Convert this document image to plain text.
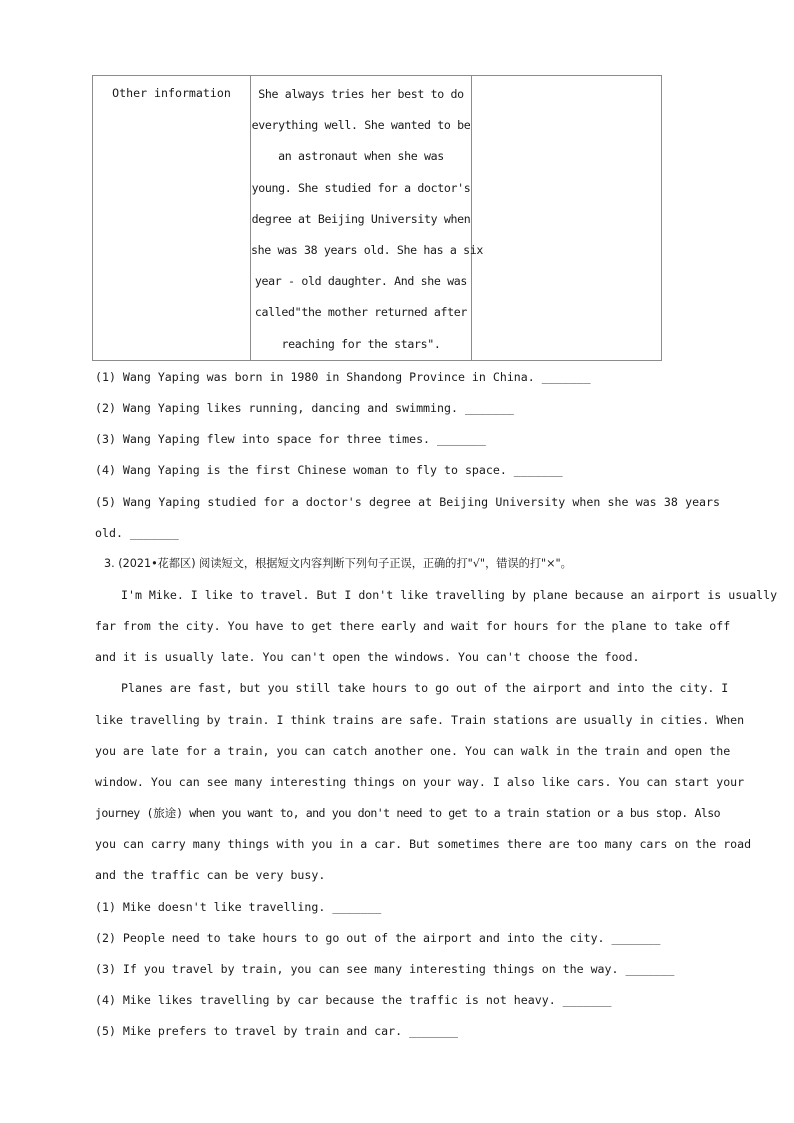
Other information	She always tries her best to do
everything well. She wanted to be
an astronaut when she was
young. She studied for a doctor's
degree at Beijing University when
she was 38 years old. She has a six
year - old daughter. And she was
called"the mother returned after
reaching for the stars".

(1) Wang Yaping was born in 1980 in Shandong Province in China. _______
(2) Wang Yaping likes running, dancing and swimming. _______
(3) Wang Yaping flew into space for three times. _______
(4) Wang Yaping is the first Chinese woman to fly to space. _______
(5) Wang Yaping studied for a doctor's degree at Beijing University when she was 38 years
old. _______
3. (2021•花都区) 阅读短文，根据短文内容判断下列句子正误，正确的打"√"，错误的打"×"。
I'm Mike. I like to travel. But I don't like travelling by plane because an airport is usually
far from the city. You have to get there early and wait for hours for the plane to take off
and it is usually late. You can't open the windows. You can't choose the food.
Planes are fast, but you still take hours to go out of the airport and into the city. I
like travelling by train. I think trains are safe. Train stations are usually in cities. When
you are late for a train, you can catch another one. You can walk in the train and open the
window. You can see many interesting things on your way. I also like cars. You can start your
journey (旅途) when you want to, and you don't need to get to a train station or a bus stop. Also
you can carry many things with you in a car. But sometimes there are too many cars on the road
and the traffic can be very busy.
(1) Mike doesn't like travelling. _______
(2) People need to take hours to go out of the airport and into the city. _______
(3) If you travel by train, you can see many interesting things on the way. _______
(4) Mike likes travelling by car because the traffic is not heavy. _______
(5) Mike prefers to travel by train and car. _______
